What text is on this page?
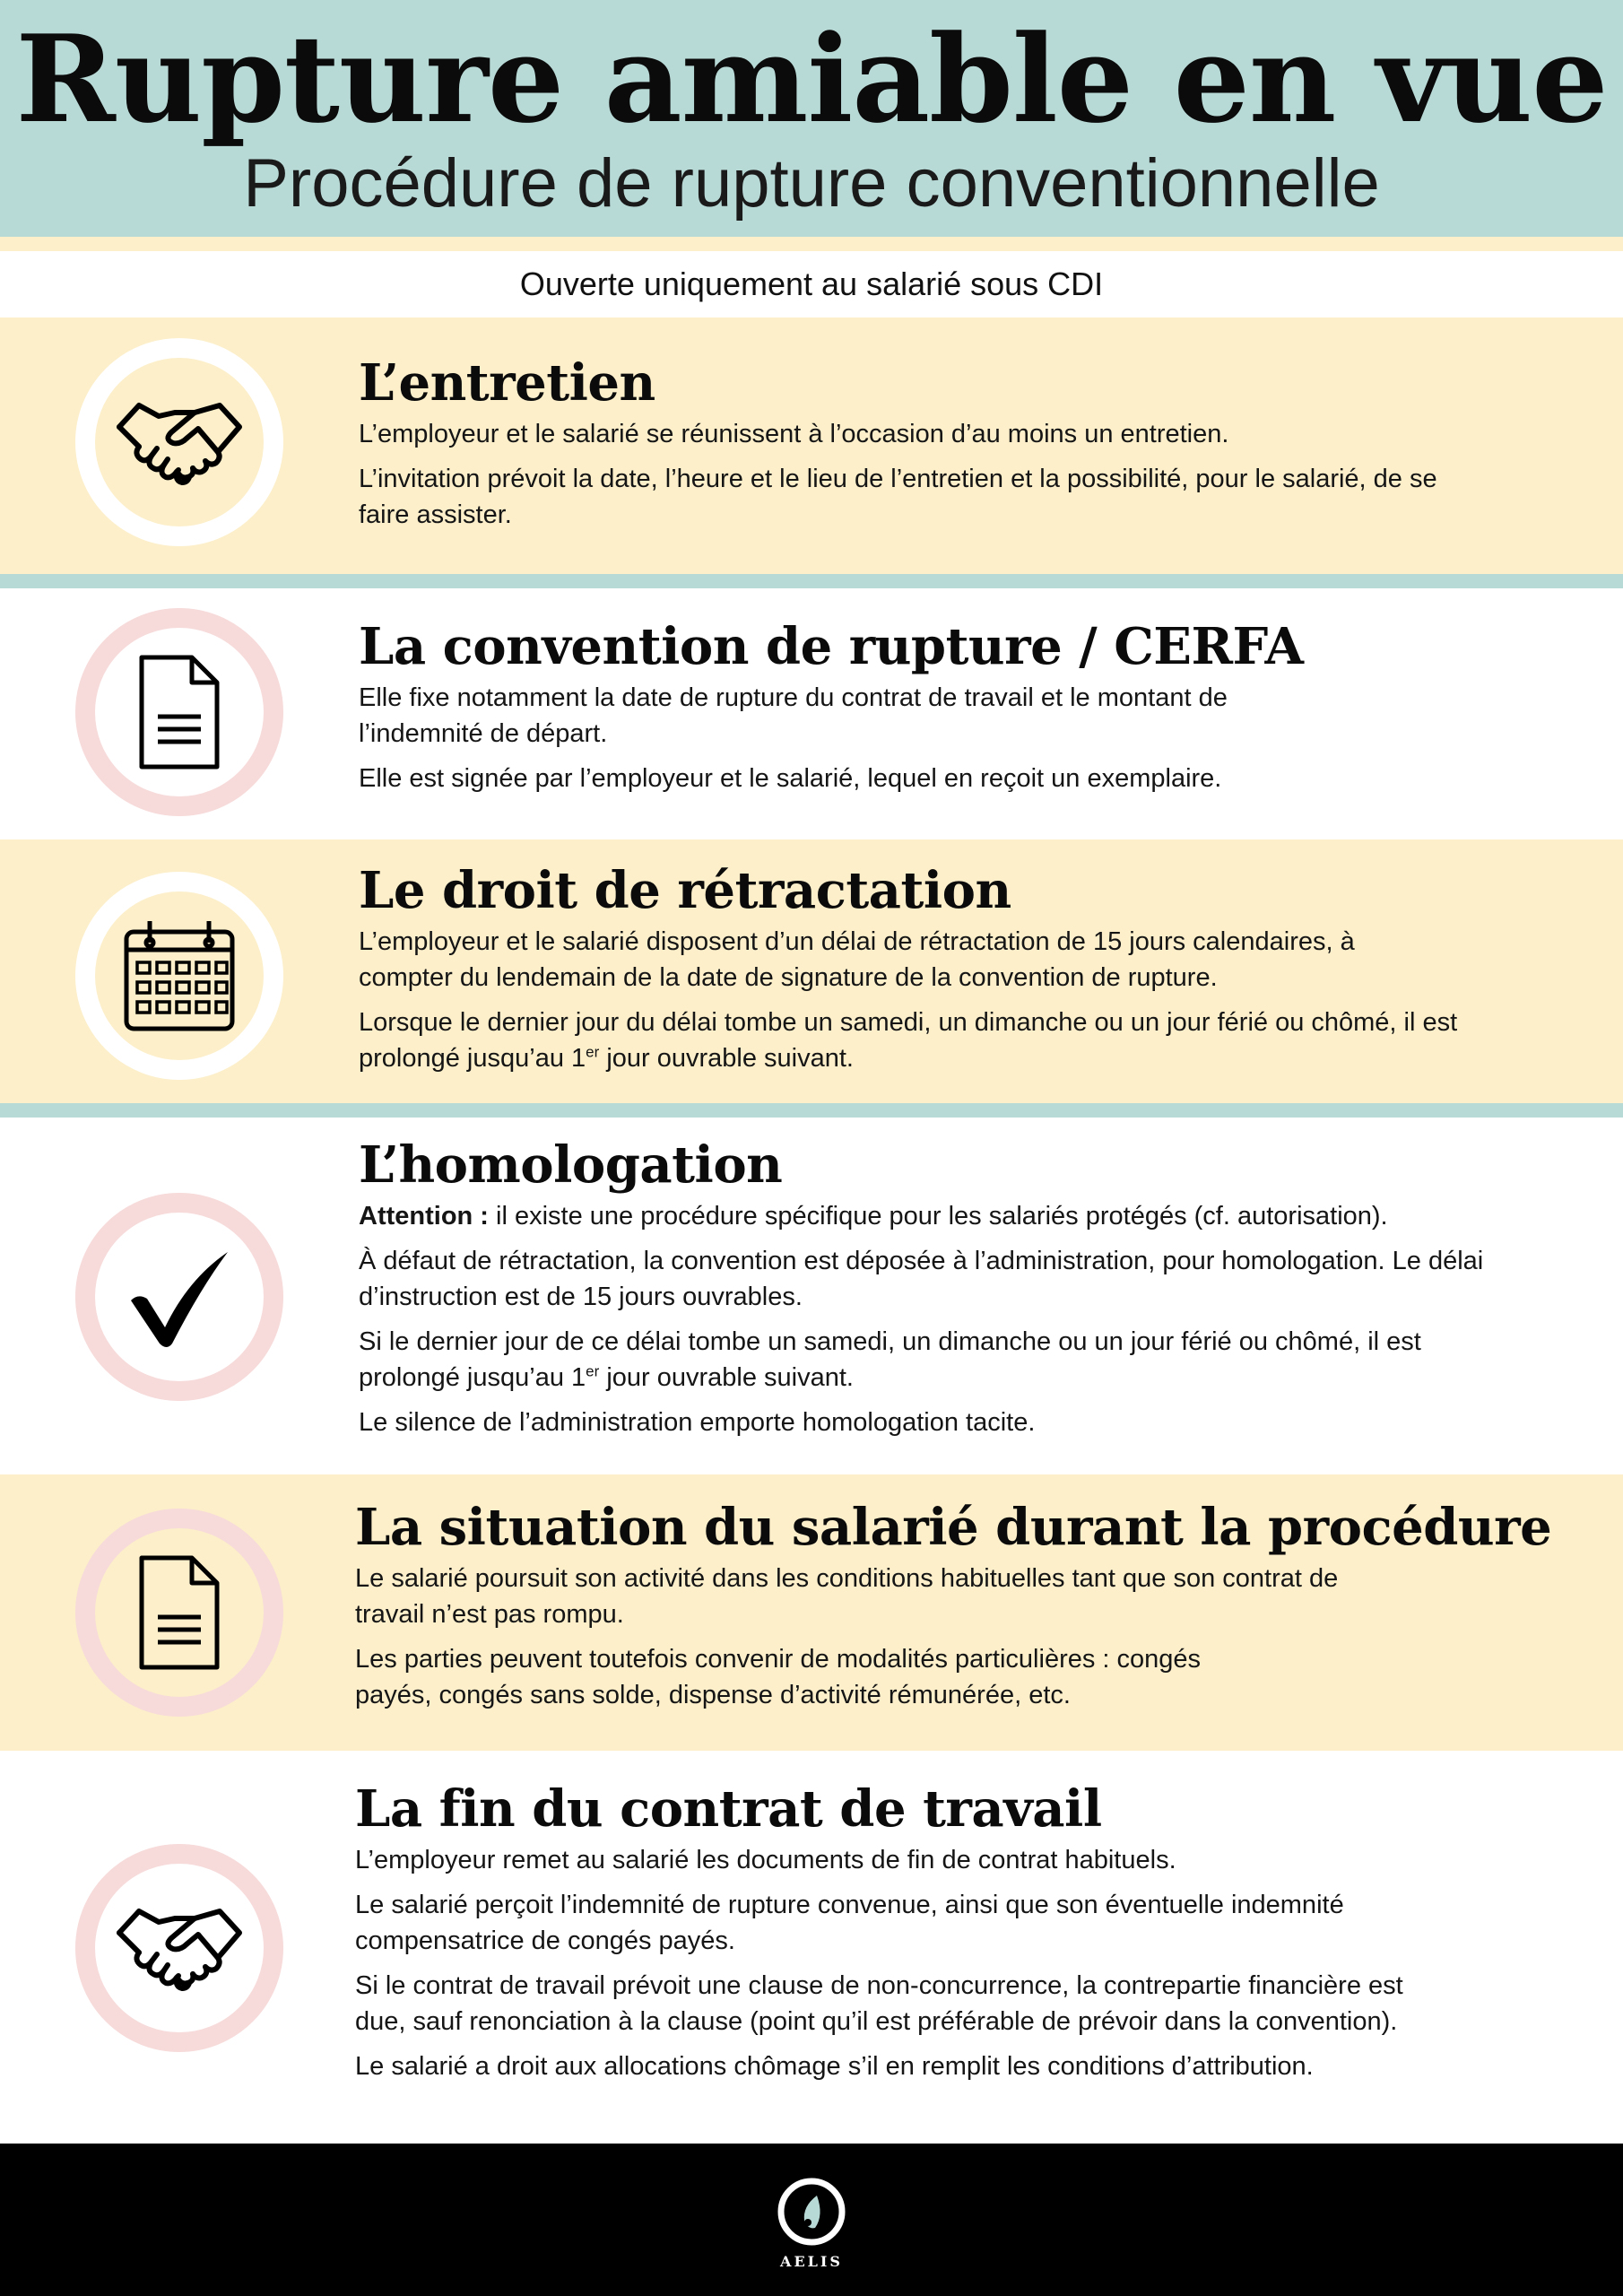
Rupture amiable en vue
Procédure de rupture conventionnelle
Ouverte uniquement au salarié sous CDI
L’entretien

L’employeur et le salarié se réunissent à l’occasion d’au moins un entretien.

L’invitation prévoit la date, l’heure et le lieu de l’entretien et la possibilité, pour le salarié, de se faire assister.

La convention de rupture / CERFA

Elle fixe notamment la date de rupture du contrat de travail et le montant de l’indemnité de départ.

Elle est signée par l’employeur et le salarié, lequel en reçoit un exemplaire.

Le droit de rétractation

L’employeur et le salarié disposent d’un délai de rétractation de 15 jours calendaires, à compter du lendemain de la date de signature de la convention de rupture.

Lorsque le dernier jour du délai tombe un samedi, un dimanche ou un jour férié ou chômé, il est prolongé jusqu’au 1er jour ouvrable suivant.

L’homologation

Attention : il existe une procédure spécifique pour les salariés protégés (cf. autorisation).

À défaut de rétractation, la convention est déposée à l’administration, pour homologation. Le délai d’instruction est de 15 jours ouvrables.

Si le dernier jour de ce délai tombe un samedi, un dimanche ou un jour férié ou chômé, il est prolongé jusqu’au 1er jour ouvrable suivant.

Le silence de l’administration emporte homologation tacite.

La situation du salarié durant la procédure

Le salarié poursuit son activité dans les conditions habituelles tant que son contrat de travail n’est pas rompu.

Les parties peuvent toutefois convenir de modalités particulières : congés payés, congés sans solde, dispense d’activité rémunérée, etc.

La fin du contrat de travail

L’employeur remet au salarié les documents de fin de contrat habituels.

Le salarié perçoit l’indemnité de rupture convenue, ainsi que son éventuelle indemnité compensatrice de congés payés.

Si le contrat de travail prévoit une clause de non-concurrence, la contrepartie financière est due, sauf renonciation à la clause (point qu’il est préférable de prévoir dans la convention).

Le salarié a droit aux allocations chômage s’il en remplit les conditions d’attribution.

AELIS
